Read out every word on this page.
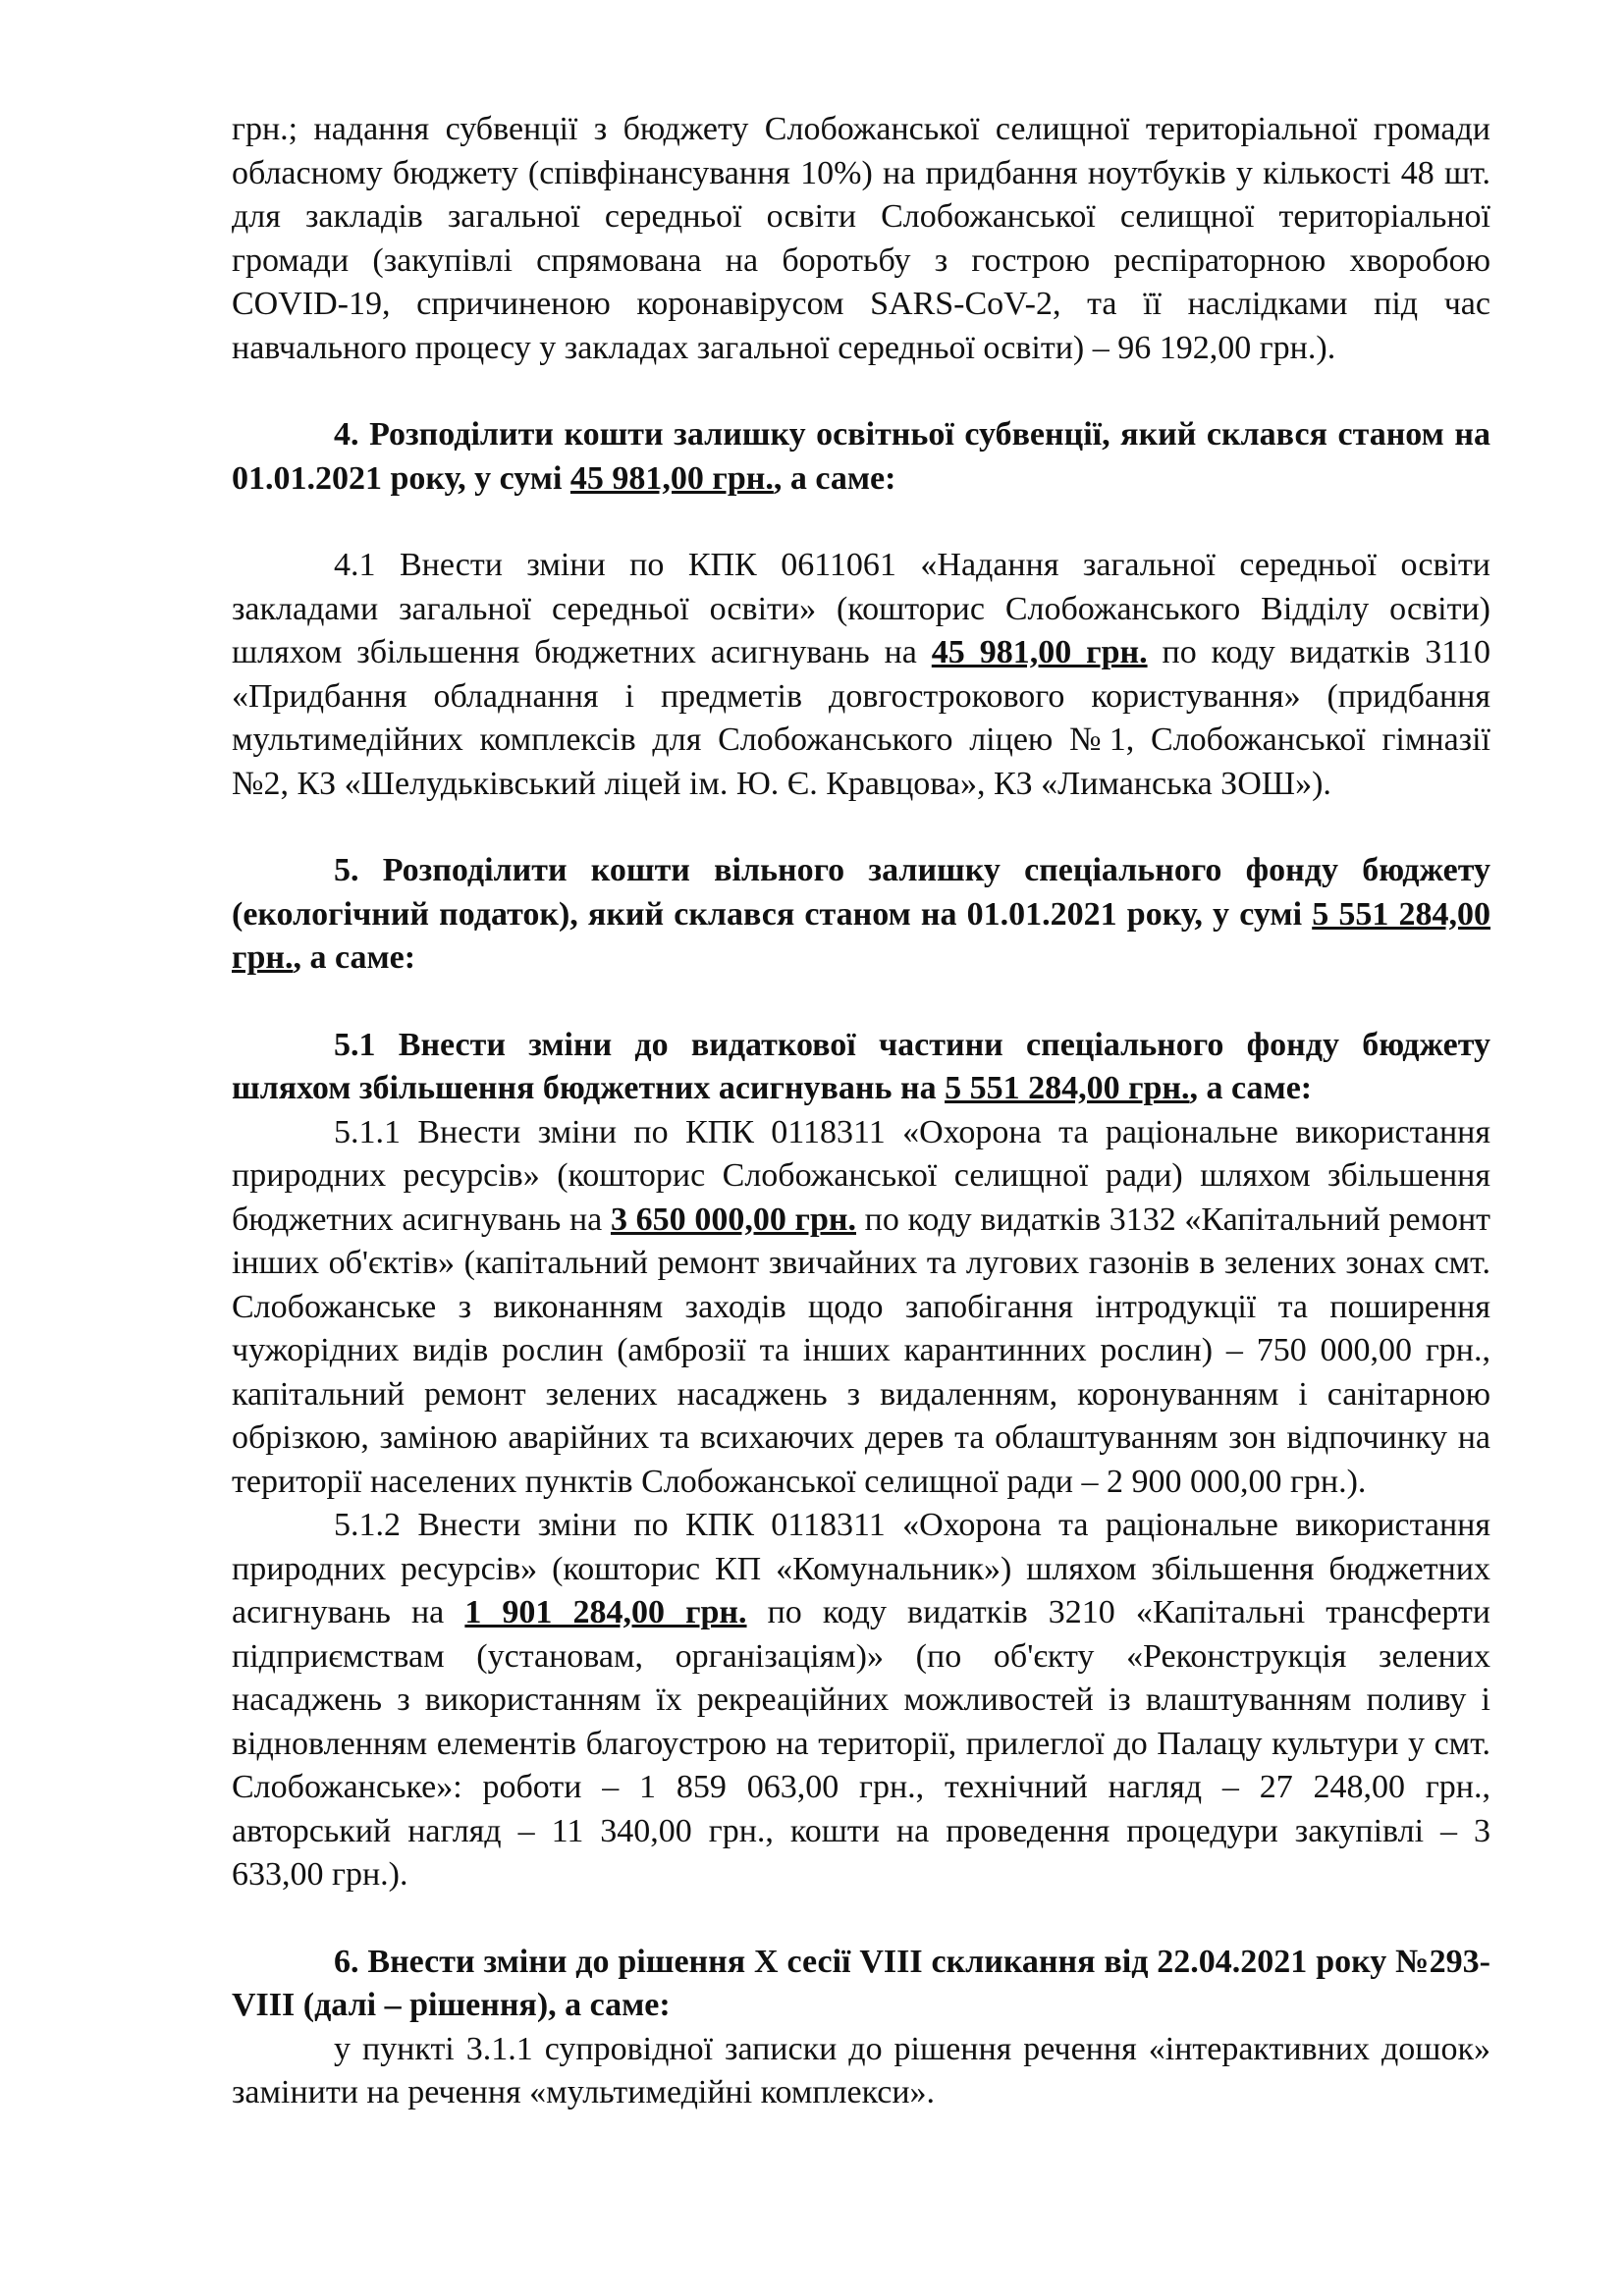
грн.; надання субвенції з бюджету Слобожанської селищної територіальної громади обласному бюджету (співфінансування 10%) на придбання ноутбуків у кількості 48 шт. для закладів загальної середньої освіти Слобожанської селищної територіальної громади (закупівлі спрямована на боротьбу з гострою респіраторною хворобою COVID-19, спричиненою коронавірусом SARS-CoV-2, та її наслідками під час навчального процесу у закладах загальної середньої освіти) – 96 192,00 грн.).

4. Розподілити кошти залишку освітньої субвенції, який склався станом на 01.01.2021 року, у сумі 45 981,00 грн., а саме:

4.1 Внести зміни по КПК 0611061 «Надання загальної середньої освіти закладами загальної середньої освіти» (кошторис Слобожанського Відділу освіти) шляхом збільшення бюджетних асигнувань на 45 981,00 грн. по коду видатків 3110 «Придбання обладнання і предметів довгострокового користування» (придбання мультимедійних комплексів для Слобожанського ліцею №1, Слобожанської гімназії №2, КЗ «Шелудьківський ліцей ім. Ю. Є. Кравцова», КЗ «Лиманська ЗОШ»).

5. Розподілити кошти вільного залишку спеціального фонду бюджету (екологічний податок), який склався станом на 01.01.2021 року, у сумі 5 551 284,00 грн., а саме:

5.1 Внести зміни до видаткової частини спеціального фонду бюджету шляхом збільшення бюджетних асигнувань на 5 551 284,00 грн., а саме:

5.1.1 Внести зміни по КПК 0118311 «Охорона та раціональне використання природних ресурсів» (кошторис Слобожанської селищної ради) шляхом збільшення бюджетних асигнувань на 3 650 000,00 грн. по коду видатків 3132 «Капітальний ремонт інших об'єктів» (капітальний ремонт звичайних та лугових газонів в зелених зонах смт. Слобожанське з виконанням заходів щодо запобігання інтродукції та поширення чужорідних видів рослин (амброзії та інших карантинних рослин) – 750 000,00 грн., капітальний ремонт зелених насаджень з видаленням, коронуванням і санітарною обрізкою, заміною аварійних та всихаючих дерев та облаштуванням зон відпочинку на території населених пунктів Слобожанської селищної ради – 2 900 000,00 грн.).

5.1.2 Внести зміни по КПК 0118311 «Охорона та раціональне використання природних ресурсів» (кошторис КП «Комунальник») шляхом збільшення бюджетних асигнувань на 1 901 284,00 грн. по коду видатків 3210 «Капітальні трансферти підприємствам (установам, організаціям)» (по об'єкту «Реконструкція зелених насаджень з використанням їх рекреаційних можливостей із влаштуванням поливу і відновленням елементів благоустрою на території, прилеглої до Палацу культури у смт. Слобожанське»: роботи – 1 859 063,00 грн., технічний нагляд – 27 248,00 грн., авторський нагляд – 11 340,00 грн., кошти на проведення процедури закупівлі – 3 633,00 грн.).

6. Внести зміни до рішення Х сесії VIII скликання від 22.04.2021 року №293-VIII (далі – рішення), а саме:

у пункті 3.1.1 супровідної записки до рішення речення «інтерактивних дошок» замінити на речення «мультимедійні комплекси».
